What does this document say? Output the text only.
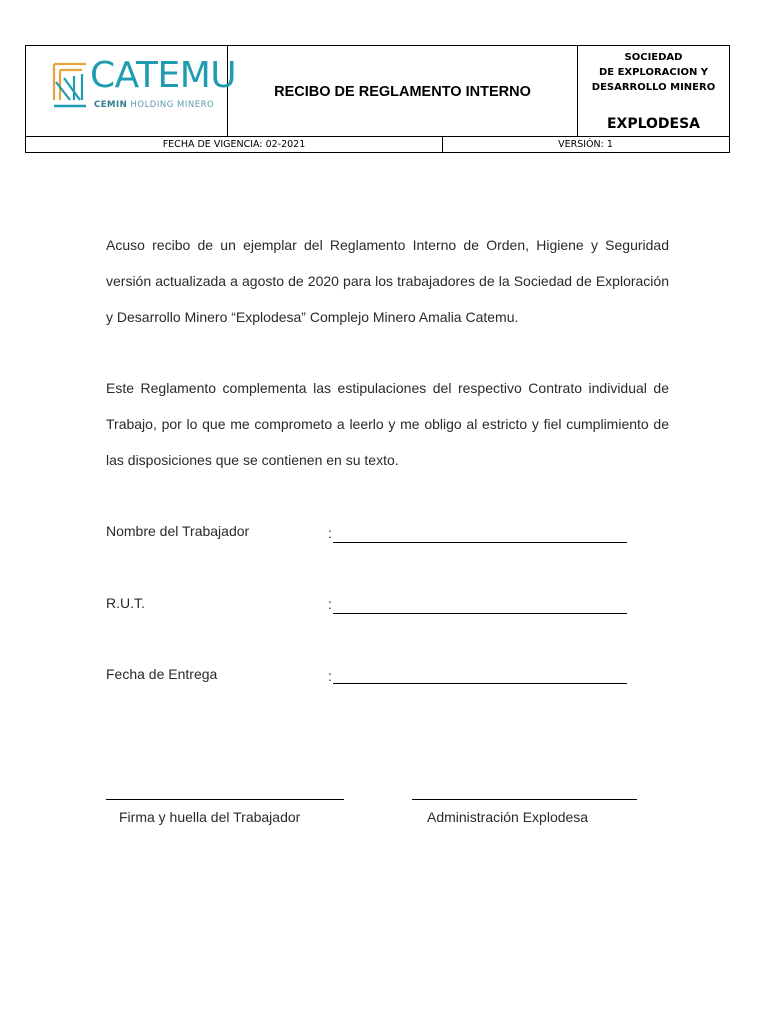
CATEMU
CEMIN HOLDING MINERO
RECIBO DE REGLAMENTO INTERNO
SOCIEDAD
DE EXPLORACION Y
DESARROLLO MINERO
EXPLODESA
FECHA DE VIGENCIA: 02-2021	VERSIÓN: 1
Acuso recibo de un ejemplar del Reglamento Interno de Orden, Higiene y Seguridad versión actualizada a agosto de 2020 para los trabajadores de la Sociedad de Exploración y Desarrollo Minero “Explodesa” Complejo Minero Amalia Catemu.
Este Reglamento complementa las estipulaciones del respectivo Contrato individual de Trabajo, por lo que me comprometo a leerlo y me obligo al estricto y fiel cumplimiento de las disposiciones que se contienen en su texto.
Nombre del Trabajador	:
R.U.T.	:
Fecha de Entrega	:
Firma y huella del Trabajador	Administración Explodesa
